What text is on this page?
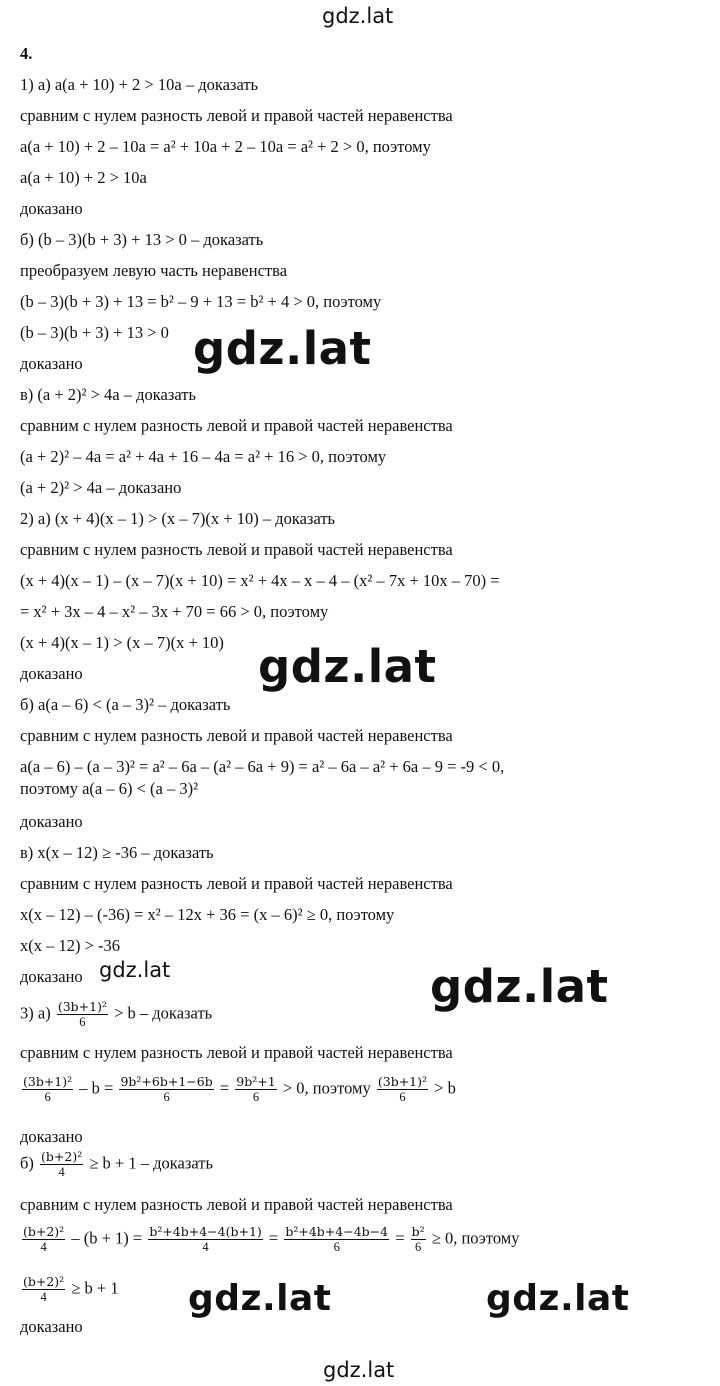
gdz.lat
gdz.lat
gdz.lat
gdz.lat	gdz.lat
gdz.lat	gdz.lat
gdz.lat
4.
1) а) a(a + 10) + 2 > 10a – доказать
сравним с нулем разность левой и правой частей неравенства
a(a + 10) + 2 – 10a = a² + 10a + 2 – 10a = a² + 2 > 0, поэтому
a(a + 10) + 2 > 10a
доказано
б) (b – 3)(b + 3) + 13 > 0 – доказать
преобразуем левую часть неравенства
(b – 3)(b + 3) + 13 = b² – 9 + 13 = b² + 4 > 0, поэтому
(b – 3)(b + 3) + 13 > 0
доказано
в) (a + 2)² > 4a – доказать
сравним с нулем разность левой и правой частей неравенства
(a + 2)² – 4a = a² + 4a + 16 – 4a = a² + 16 > 0, поэтому
(a + 2)² > 4a – доказано
2) а) (x + 4)(x – 1) > (x – 7)(x + 10) – доказать
сравним с нулем разность левой и правой частей неравенства
(x + 4)(x – 1) – (x – 7)(x + 10) = x² + 4x – x – 4 – (x² – 7x + 10x – 70) =
= x² + 3x – 4 – x² – 3x + 70 = 66 > 0, поэтому
(x + 4)(x – 1) > (x – 7)(x + 10)
доказано
б) a(a – 6) < (a – 3)² – доказать
сравним с нулем разность левой и правой частей неравенства
a(a – 6) – (a – 3)² = a² – 6a – (a² – 6a + 9) = a² – 6a – a² + 6a – 9 = -9 < 0,
поэтому a(a – 6) < (a – 3)²
доказано
в) x(x – 12) ≥ -36 – доказать
сравним с нулем разность левой и правой частей неравенства
x(x – 12) – (-36) = x² – 12x + 36 = (x – 6)² ≥ 0, поэтому
x(x – 12) > -36
доказано
3) $а) \frac{\text{(3b+1)²}}{6} > b$ – доказать
сравним с нулем разность левой и правой частей неравенства
$\frac{\text{(3b+1)²}}{6} - b = \frac{\text{9b²+6b+1−6b}}{6} = \frac{\text{9b²+1}}{6} > 0$, поэтому $\frac{\text{(3b+1)²}}{6} > b$
доказано
$б) \frac{\text{(b+2)²}}{4} \ge b + 1$ – доказать
сравним с нулем разность левой и правой частей неравенства
$\frac{\text{(b+2)²}}{4} - (b + 1) = \frac{\text{b²+4b+4−4(b+1)}}{4} = \frac{\text{b²+4b+4−4b−4}}{6} = \frac{\text{b²}}{6} \ge 0$, поэтому
$\frac{\text{(b+2)²}}{4} \ge b + 1$
доказано
